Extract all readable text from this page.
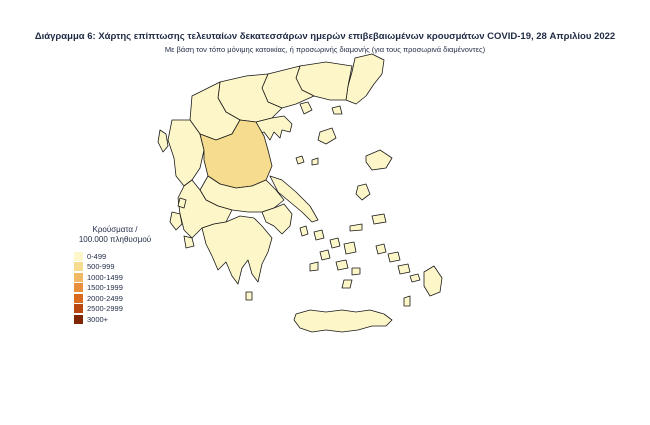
Διάγραμμα 6: Χάρτης επίπτωσης τελευταίων δεκατεσσάρων ημερών επιβεβαιωμένων κρουσμάτων COVID-19, 28 Απριλίου 2022
Με βάση τον τόπο μόνιμης κατοικίας, ή προσωρινής διαμονής (για τους προσωρινά διαμένοντες)
Κρούσματα /
100.000 πληθυσμού
0-499
500-999
1000-1499
1500-1999
2000-2499
2500-2999
3000+
